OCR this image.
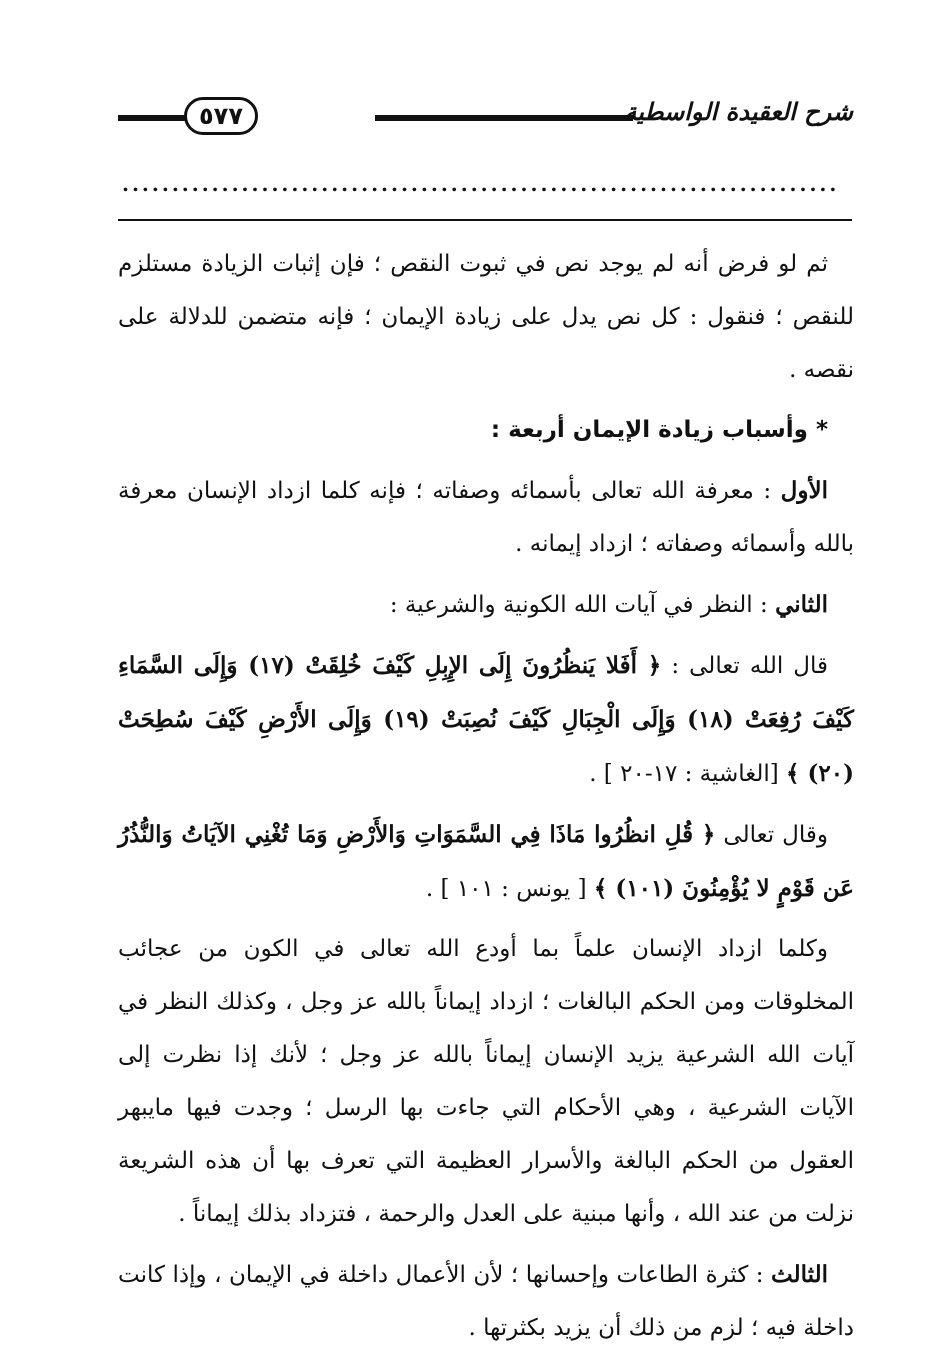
٥٧٧	شرح العقيدة الواسطية
........................................................................

ثم لو فرض أنه لم يوجد نص في ثبوت النقص ؛ فإن إثبات الزيادة مستلزم للنقص ؛ فنقول : كل نص يدل على زيادة الإيمان ؛ فإنه متضمن للدلالة على نقصه .

* وأسباب زيادة الإيمان أربعة :

الأول : معرفة الله تعالى بأسمائه وصفاته ؛ فإنه كلما ازداد الإنسان معرفة بالله وأسمائه وصفاته ؛ ازداد إيمانه .

الثاني : النظر في آيات الله الكونية والشرعية :

قال الله تعالى : ﴿ أَفَلا يَنظُرُونَ إِلَى الإِبِلِ كَيْفَ خُلِقَتْ (١٧) وَإِلَى السَّمَاءِ كَيْفَ رُفِعَتْ (١٨) وَإِلَى الْجِبَالِ كَيْفَ نُصِبَتْ (١٩) وَإِلَى الأَرْضِ كَيْفَ سُطِحَتْ (٢٠) ﴾ [الغاشية : ١٧-٢٠ ] .

وقال تعالى ﴿ قُلِ انظُرُوا مَاذَا فِي السَّمَوَاتِ وَالأَرْضِ وَمَا تُغْنِي الآيَاتُ وَالنُّذُرُ عَن قَوْمٍ لا يُؤْمِنُونَ (١٠١) ﴾ [ يونس : ١٠١ ] .

وكلما ازداد الإنسان علماً بما أودع الله تعالى في الكون من عجائب المخلوقات ومن الحكم البالغات ؛ ازداد إيماناً بالله عز وجل ، وكذلك النظر في آيات الله الشرعية يزيد الإنسان إيماناً بالله عز وجل ؛ لأنك إذا نظرت إلى الآيات الشرعية ، وهي الأحكام التي جاءت بها الرسل ؛ وجدت فيها مايبهر العقول من الحكم البالغة والأسرار العظيمة التي تعرف بها أن هذه الشريعة نزلت من عند الله ، وأنها مبنية على العدل والرحمة ، فتزداد بذلك إيماناً .

الثالث : كثرة الطاعات وإحسانها ؛ لأن الأعمال داخلة في الإيمان ، وإذا كانت داخلة فيه ؛ لزم من ذلك أن يزيد بكثرتها .
